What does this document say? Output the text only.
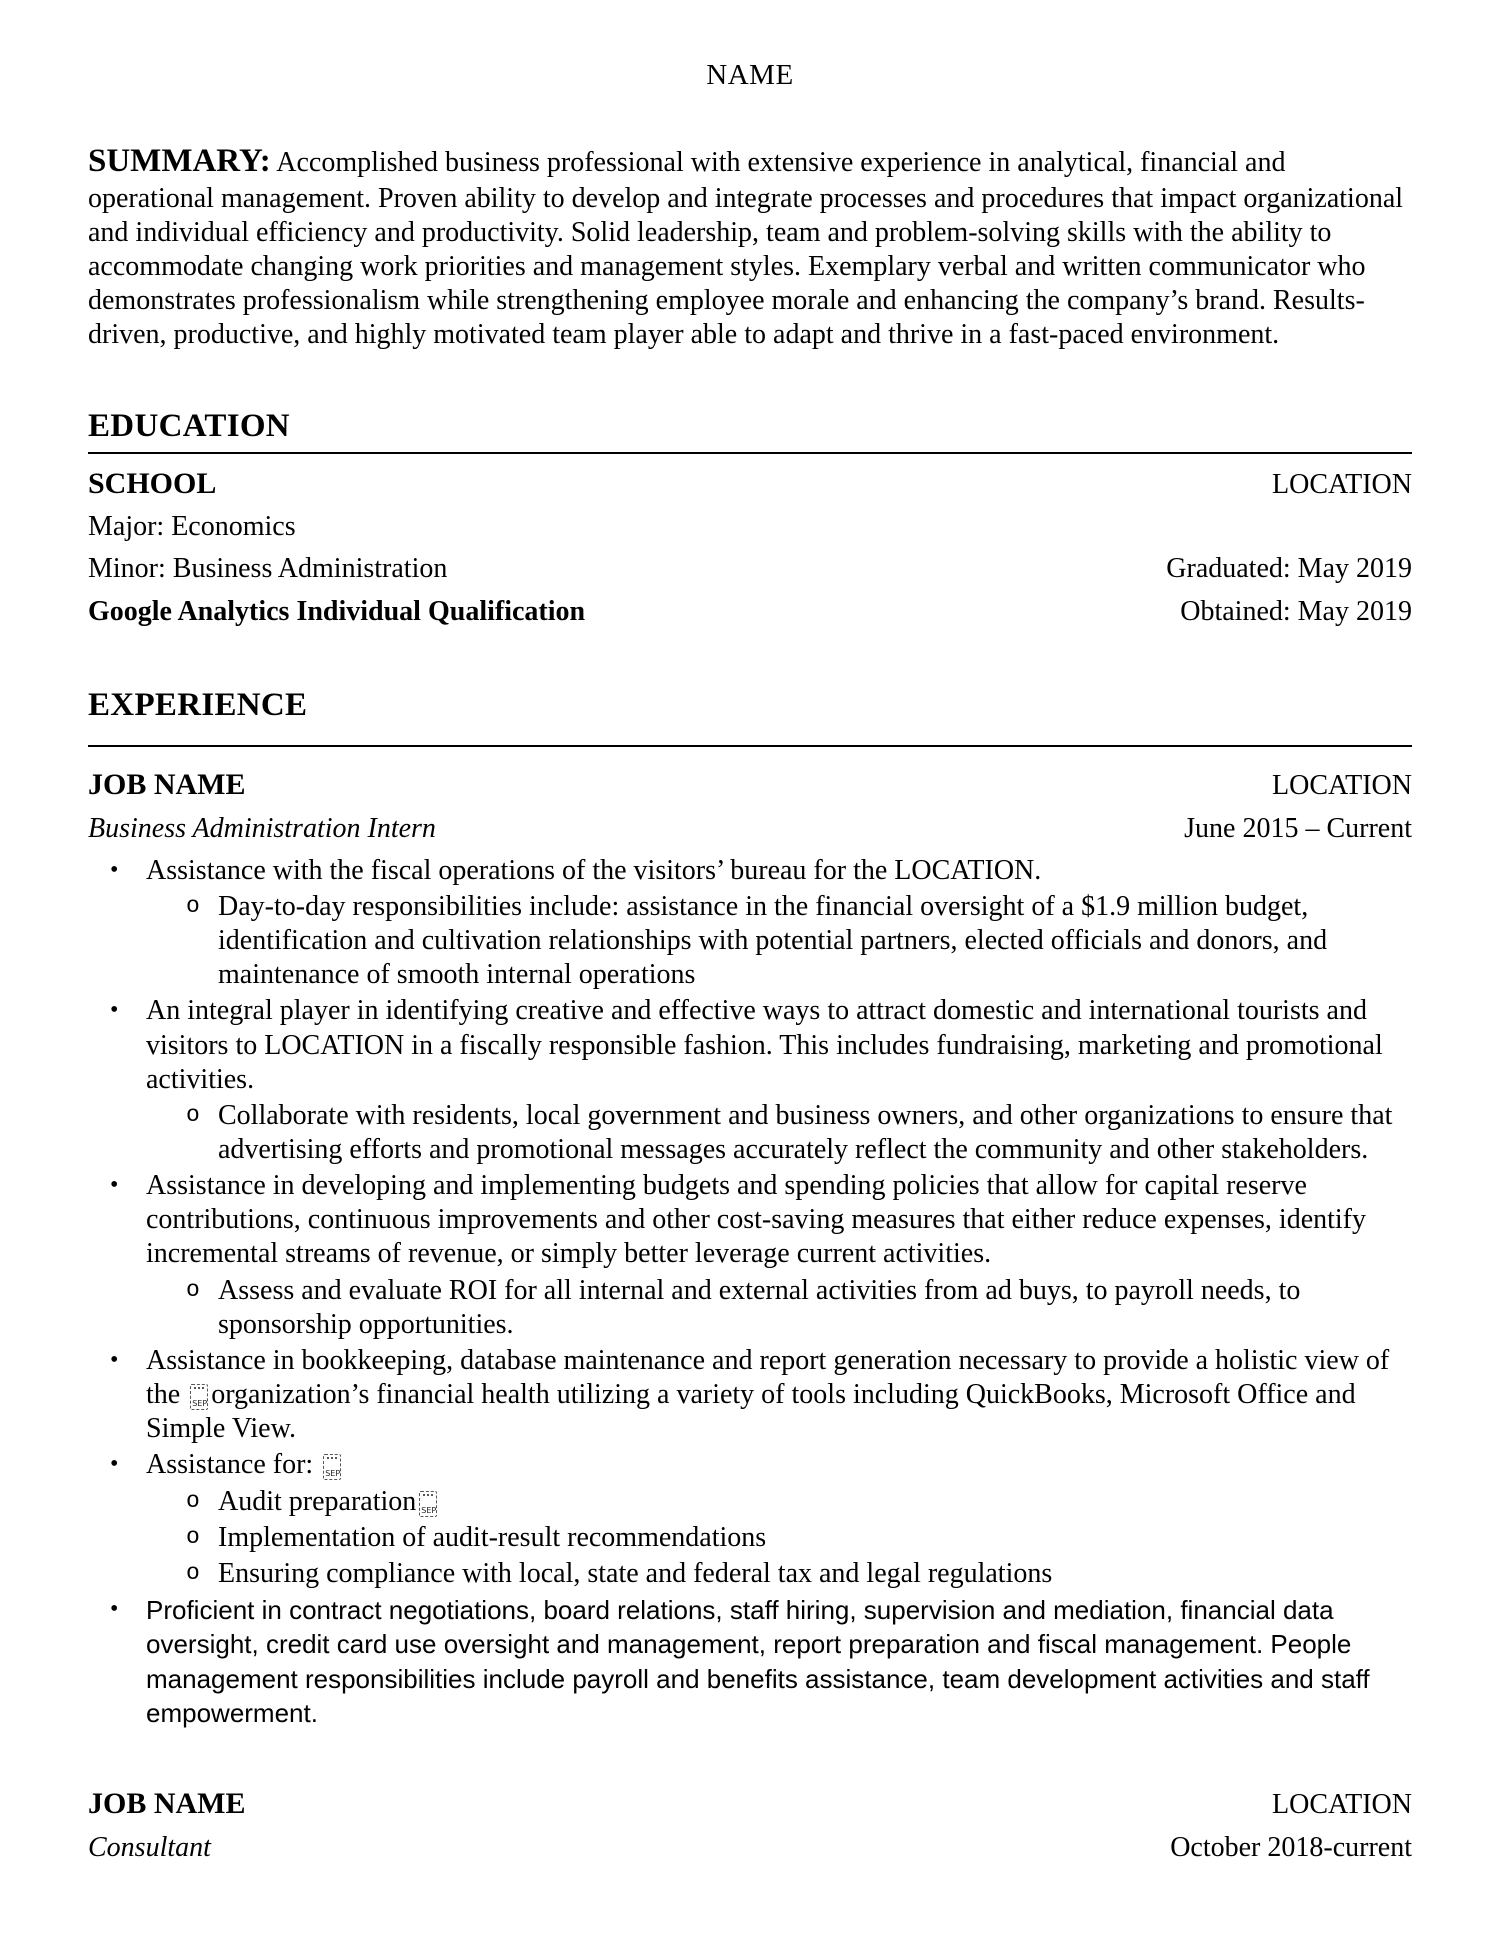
NAME

SUMMARY: Accomplished business professional with extensive experience in analytical, financial and operational management. Proven ability to develop and integrate processes and procedures that impact organizational and individual efficiency and productivity. Solid leadership, team and problem-solving skills with the ability to accommodate changing work priorities and management styles. Exemplary verbal and written communicator who demonstrates professionalism while strengthening employee morale and enhancing the company’s brand. Results-driven, productive, and highly motivated team player able to adapt and thrive in a fast-paced environment.

EDUCATION
SCHOOL	LOCATION
Major: Economics
Minor: Business Administration	Graduated: May 2019
Google Analytics Individual Qualification	Obtained: May 2019
EXPERIENCE
JOB NAME	LOCATION
Business Administration Intern	June 2015 – Current
• Assistance with the fiscal operations of the visitors’ bureau for the LOCATION.
o Day-to-day responsibilities include: assistance in the financial oversight of a $1.9 million budget, identification and cultivation relationships with potential partners, elected officials and donors, and maintenance of smooth internal operations
• An integral player in identifying creative and effective ways to attract domestic and international tourists and visitors to LOCATION in a fiscally responsible fashion. This includes fundraising, marketing and promotional activities.
o Collaborate with residents, local government and business owners, and other organizations to ensure that advertising efforts and promotional messages accurately reflect the community and other stakeholders.
• Assistance in developing and implementing budgets and spending policies that allow for capital reserve contributions, continuous improvements and other cost-saving measures that either reduce expenses, identify incremental streams of revenue, or simply better leverage current activities.
o Assess and evaluate ROI for all internal and external activities from ad buys, to payroll needs, to sponsorship opportunities.
• Assistance in bookkeeping, database maintenance and report generation necessary to provide a holistic view of the SEP organization’s financial health utilizing a variety of tools including QuickBooks, Microsoft Office and Simple View.
• Assistance for: SEP
o Audit preparation SEP
o Implementation of audit-result recommendations
o Ensuring compliance with local, state and federal tax and legal regulations
•	Proficient in contract negotiations, board relations, staff hiring, supervision and mediation, financial data oversight, credit card use oversight and management, report preparation and fiscal management. People management responsibilities include payroll and benefits assistance, team development activities and staff empowerment.
JOB NAME	LOCATION
Consultant	October 2018-current
